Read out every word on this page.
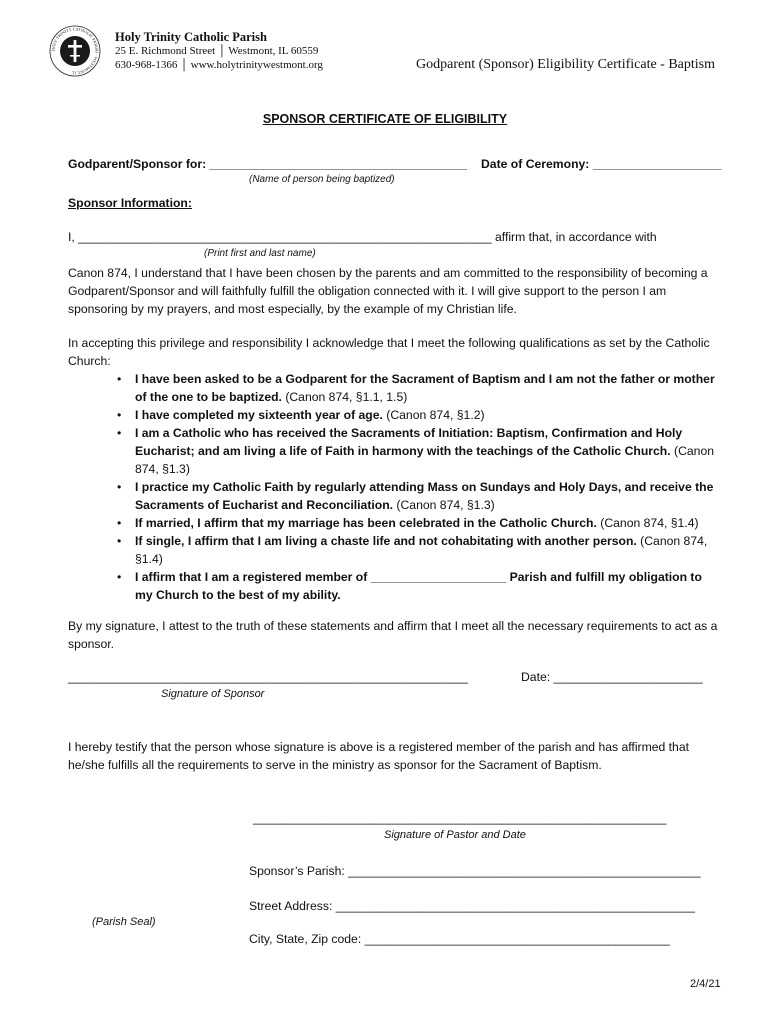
HOLY TRINITY CATHOLIC PARISH · WESTMONT, IL
Holy Trinity Catholic Parish
25 E. Richmond Street │ Westmont, IL 60559
630-968-1366 │ www.holytrinitywestmont.org	Godparent (Sponsor) Eligibility Certificate - Baptism
SPONSOR CERTIFICATE OF ELIGIBILITY
Godparent/Sponsor for: ______________________________________ Date of Ceremony: ___________________
(Name of person being baptized)
Sponsor Information:
I, _____________________________________________________________ affirm that, in accordance with
(Print first and last name)
Canon 874, I understand that I have been chosen by the parents and am committed to the responsibility of becoming a Godparent/Sponsor and will faithfully fulfill the obligation connected with it. I will give support to the person I am sponsoring by my prayers, and most especially, by the example of my Christian life.
In accepting this privilege and responsibility I acknowledge that I meet the following qualifications as set by the Catholic Church:
• I have been asked to be a Godparent for the Sacrament of Baptism and I am not the father or mother of the one to be baptized. (Canon 874, §1.1, 1.5)
• I have completed my sixteenth year of age. (Canon 874, §1.2)
• I am a Catholic who has received the Sacraments of Initiation: Baptism, Confirmation and Holy Eucharist; and am living a life of Faith in harmony with the teachings of the Catholic Church. (Canon 874, §1.3)
• I practice my Catholic Faith by regularly attending Mass on Sundays and Holy Days, and receive the Sacraments of Eucharist and Reconciliation. (Canon 874, §1.3)
• If married, I affirm that my marriage has been celebrated in the Catholic Church. (Canon 874, §1.4)
• If single, I affirm that I am living a chaste life and not cohabitating with another person. (Canon 874, §1.4)
• I affirm that I am a registered member of ____________________ Parish and fulfill my obligation to my Church to the best of my ability.
By my signature, I attest to the truth of these statements and affirm that I meet all the necessary requirements to act as a sponsor.
___________________________________________________________
Signature of Sponsor
Date: ______________________
I hereby testify that the person whose signature is above is a registered member of the parish and has affirmed that he/she fulfills all the requirements to serve in the ministry as sponsor for the Sacrament of Baptism.
_____________________________________________________________
Signature of Pastor and Date
Sponsor’s Parish: ____________________________________________________
Street Address: _____________________________________________________
(Parish Seal)
City, State, Zip code: _____________________________________________
2/4/21
